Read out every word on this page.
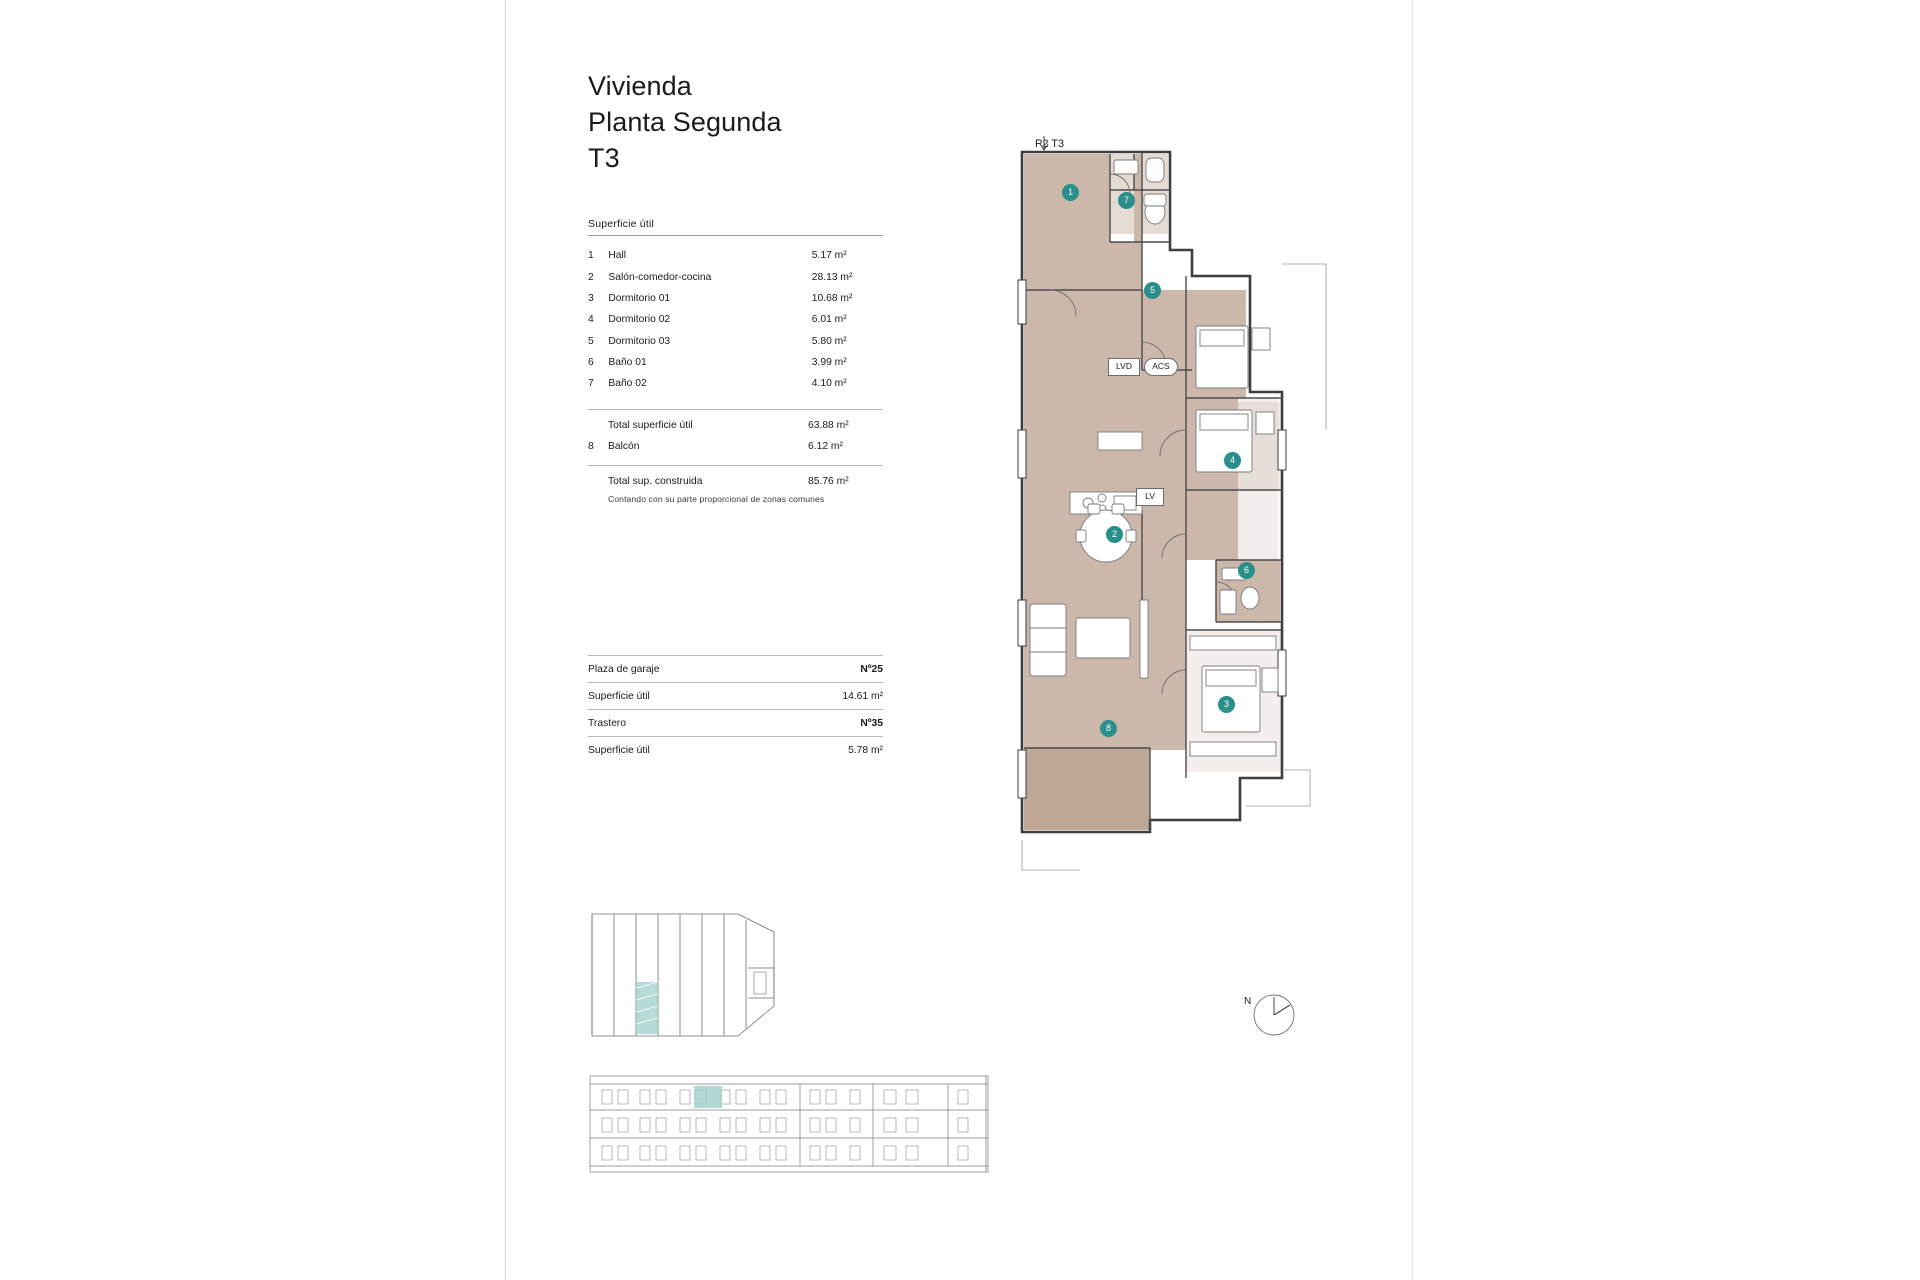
Vivienda
Planta Segunda
T3
Superficie útil
1	Hall	5.17 m²
2	Salón-comedor-cocina	28.13 m²
3	Dormitorio 01	10.68 m²
4	Dormitorio 02	6.01 m²
5	Dormitorio 03	5.80 m²
6	Baño 01	3.99 m²
7	Baño 02	4.10 m²
Total superficie útil	63.88 m²
8	Balcón	6.12 m²
Total sup. construida	85.76 m²
Contando con su parte proporcional de zonas comunes
Plaza de garaje	Nº25
Superficie útil	14.61 m²
Trastero	Nº35
Superficie útil	5.78 m²
P2 T3
LVD	ACS
LV
1
7
5
4
2
6
3
8
N
